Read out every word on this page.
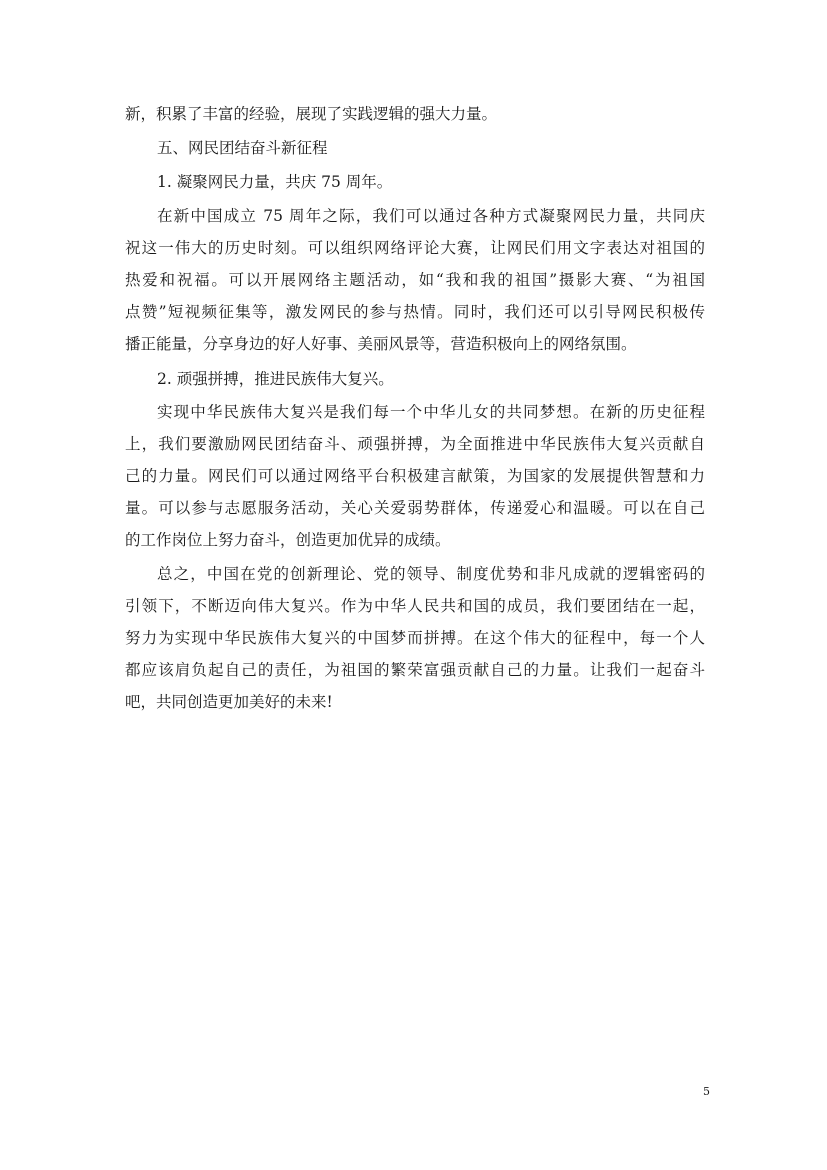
新，积累了丰富的经验，展现了实践逻辑的强大力量。

五、网民团结奋斗新征程

1. 凝聚网民力量，共庆 75 周年。

在新中国成立 75 周年之际，我们可以通过各种方式凝聚网民力量，共同庆

祝这一伟大的历史时刻。可以组织网络评论大赛，让网民们用文字表达对祖国的

热爱和祝福。可以开展网络主题活动，如“我和我的祖国”摄影大赛、“为祖国

点赞”短视频征集等，激发网民的参与热情。同时，我们还可以引导网民积极传

播正能量，分享身边的好人好事、美丽风景等，营造积极向上的网络氛围。

2. 顽强拼搏，推进民族伟大复兴。

实现中华民族伟大复兴是我们每一个中华儿女的共同梦想。在新的历史征程

上，我们要激励网民团结奋斗、顽强拼搏，为全面推进中华民族伟大复兴贡献自

己的力量。网民们可以通过网络平台积极建言献策，为国家的发展提供智慧和力

量。可以参与志愿服务活动，关心关爱弱势群体，传递爱心和温暖。可以在自己

的工作岗位上努力奋斗，创造更加优异的成绩。

总之，中国在党的创新理论、党的领导、制度优势和非凡成就的逻辑密码的

引领下，不断迈向伟大复兴。作为中华人民共和国的成员，我们要团结在一起，

努力为实现中华民族伟大复兴的中国梦而拼搏。在这个伟大的征程中，每一个人

都应该肩负起自己的责任，为祖国的繁荣富强贡献自己的力量。让我们一起奋斗

吧，共同创造更加美好的未来!

5
